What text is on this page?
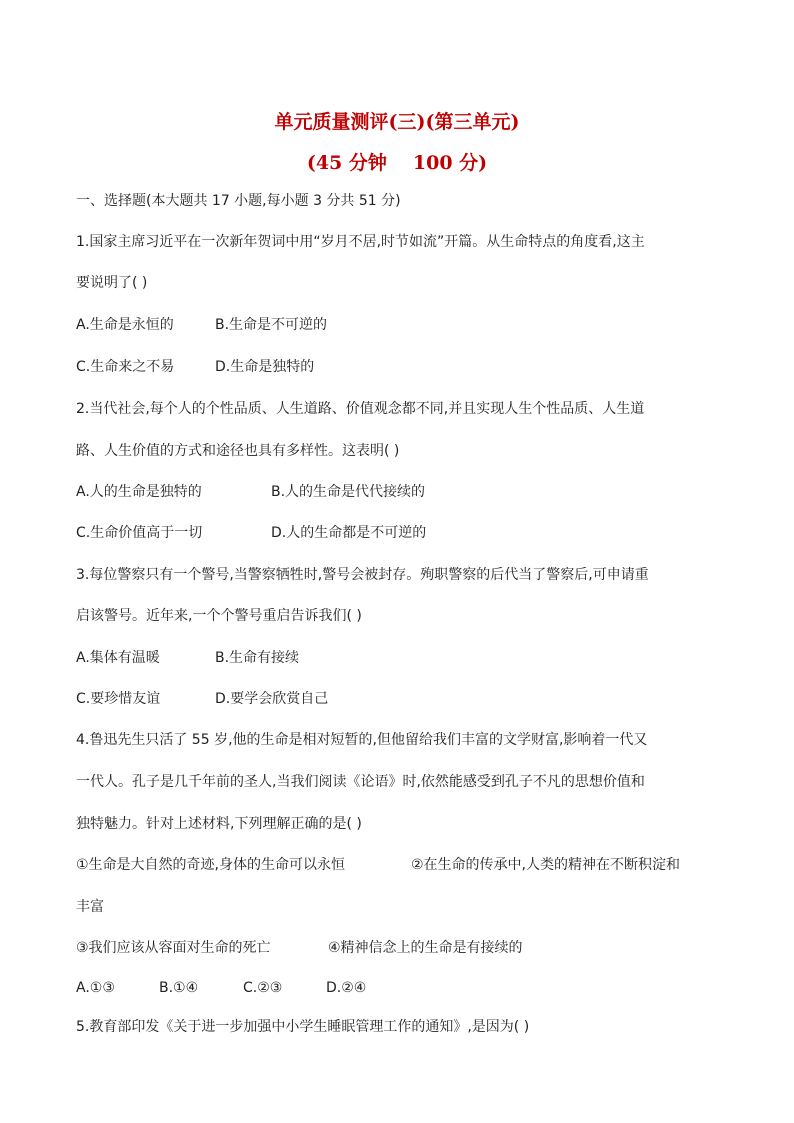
单元质量测评(三)(第三单元)
(45 分钟 100 分)
一、选择题(本大题共 17 小题,每小题 3 分共 51 分)
1.国家主席习近平在一次新年贺词中用“岁月不居,时节如流”开篇。从生命特点的角度看,这主
要说明了( )
A.生命是永恒的	B.生命是不可逆的
C.生命来之不易	D.生命是独特的
2.当代社会,每个人的个性品质、人生道路、价值观念都不同,并且实现人生个性品质、人生道
路、人生价值的方式和途径也具有多样性。这表明( )
A.人的生命是独特的	B.人的生命是代代接续的
C.生命价值高于一切	D.人的生命都是不可逆的
3.每位警察只有一个警号,当警察牺牲时,警号会被封存。殉职警察的后代当了警察后,可申请重
启该警号。近年来,一个个警号重启告诉我们( )
A.集体有温暖	B.生命有接续
C.要珍惜友谊	D.要学会欣赏自己
4.鲁迅先生只活了 55 岁,他的生命是相对短暂的,但他留给我们丰富的文学财富,影响着一代又
一代人。孔子是几千年前的圣人,当我们阅读《论语》时,依然能感受到孔子不凡的思想价值和
独特魅力。针对上述材料,下列理解正确的是( )
①生命是大自然的奇迹,身体的生命可以永恒	②在生命的传承中,人类的精神在不断积淀和
丰富
③我们应该从容面对生命的死亡	④精神信念上的生命是有接续的
A.①③	B.①④	C.②③	D.②④
5.教育部印发《关于进一步加强中小学生睡眠管理工作的通知》,是因为( )
